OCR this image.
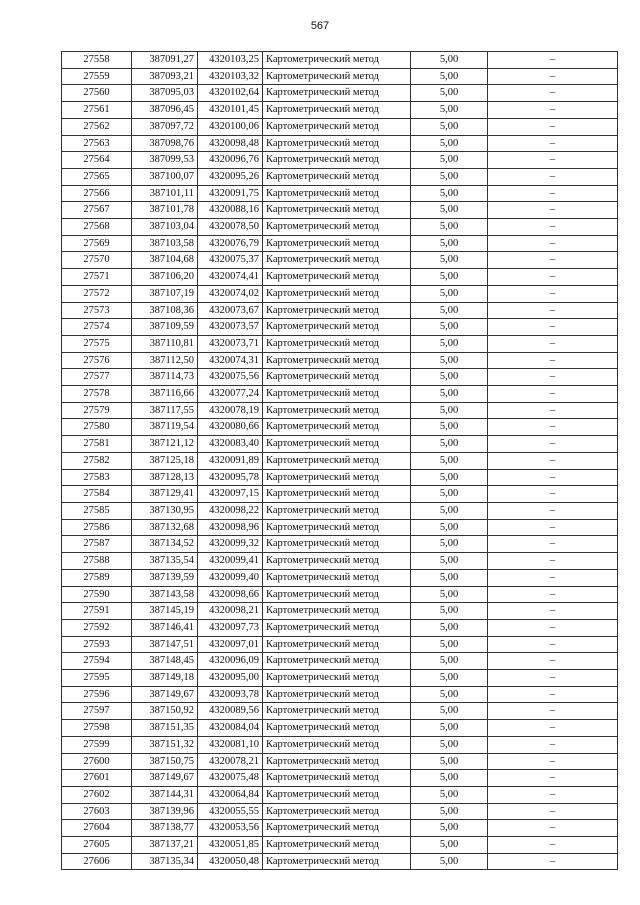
567
27558	387091,27	4320103,25	Картометрический метод	5,00	–
27559	387093,21	4320103,32	Картометрический метод	5,00	–
27560	387095,03	4320102,64	Картометрический метод	5,00	–
27561	387096,45	4320101,45	Картометрический метод	5,00	–
27562	387097,72	4320100,06	Картометрический метод	5,00	–
27563	387098,76	4320098,48	Картометрический метод	5,00	–
27564	387099,53	4320096,76	Картометрический метод	5,00	–
27565	387100,07	4320095,26	Картометрический метод	5,00	–
27566	387101,11	4320091,75	Картометрический метод	5,00	–
27567	387101,78	4320088,16	Картометрический метод	5,00	–
27568	387103,04	4320078,50	Картометрический метод	5,00	–
27569	387103,58	4320076,79	Картометрический метод	5,00	–
27570	387104,68	4320075,37	Картометрический метод	5,00	–
27571	387106,20	4320074,41	Картометрический метод	5,00	–
27572	387107,19	4320074,02	Картометрический метод	5,00	–
27573	387108,36	4320073,67	Картометрический метод	5,00	–
27574	387109,59	4320073,57	Картометрический метод	5,00	–
27575	387110,81	4320073,71	Картометрический метод	5,00	–
27576	387112,50	4320074,31	Картометрический метод	5,00	–
27577	387114,73	4320075,56	Картометрический метод	5,00	–
27578	387116,66	4320077,24	Картометрический метод	5,00	–
27579	387117,55	4320078,19	Картометрический метод	5,00	–
27580	387119,54	4320080,66	Картометрический метод	5,00	–
27581	387121,12	4320083,40	Картометрический метод	5,00	–
27582	387125,18	4320091,89	Картометрический метод	5,00	–
27583	387128,13	4320095,78	Картометрический метод	5,00	–
27584	387129,41	4320097,15	Картометрический метод	5,00	–
27585	387130,95	4320098,22	Картометрический метод	5,00	–
27586	387132,68	4320098,96	Картометрический метод	5,00	–
27587	387134,52	4320099,32	Картометрический метод	5,00	–
27588	387135,54	4320099,41	Картометрический метод	5,00	–
27589	387139,59	4320099,40	Картометрический метод	5,00	–
27590	387143,58	4320098,66	Картометрический метод	5,00	–
27591	387145,19	4320098,21	Картометрический метод	5,00	–
27592	387146,41	4320097,73	Картометрический метод	5,00	–
27593	387147,51	4320097,01	Картометрический метод	5,00	–
27594	387148,45	4320096,09	Картометрический метод	5,00	–
27595	387149,18	4320095,00	Картометрический метод	5,00	–
27596	387149,67	4320093,78	Картометрический метод	5,00	–
27597	387150,92	4320089,56	Картометрический метод	5,00	–
27598	387151,35	4320084,04	Картометрический метод	5,00	–
27599	387151,32	4320081,10	Картометрический метод	5,00	–
27600	387150,75	4320078,21	Картометрический метод	5,00	–
27601	387149,67	4320075,48	Картометрический метод	5,00	–
27602	387144,31	4320064,84	Картометрический метод	5,00	–
27603	387139,96	4320055,55	Картометрический метод	5,00	–
27604	387138,77	4320053,56	Картометрический метод	5,00	–
27605	387137,21	4320051,85	Картометрический метод	5,00	–
27606	387135,34	4320050,48	Картометрический метод	5,00	–
